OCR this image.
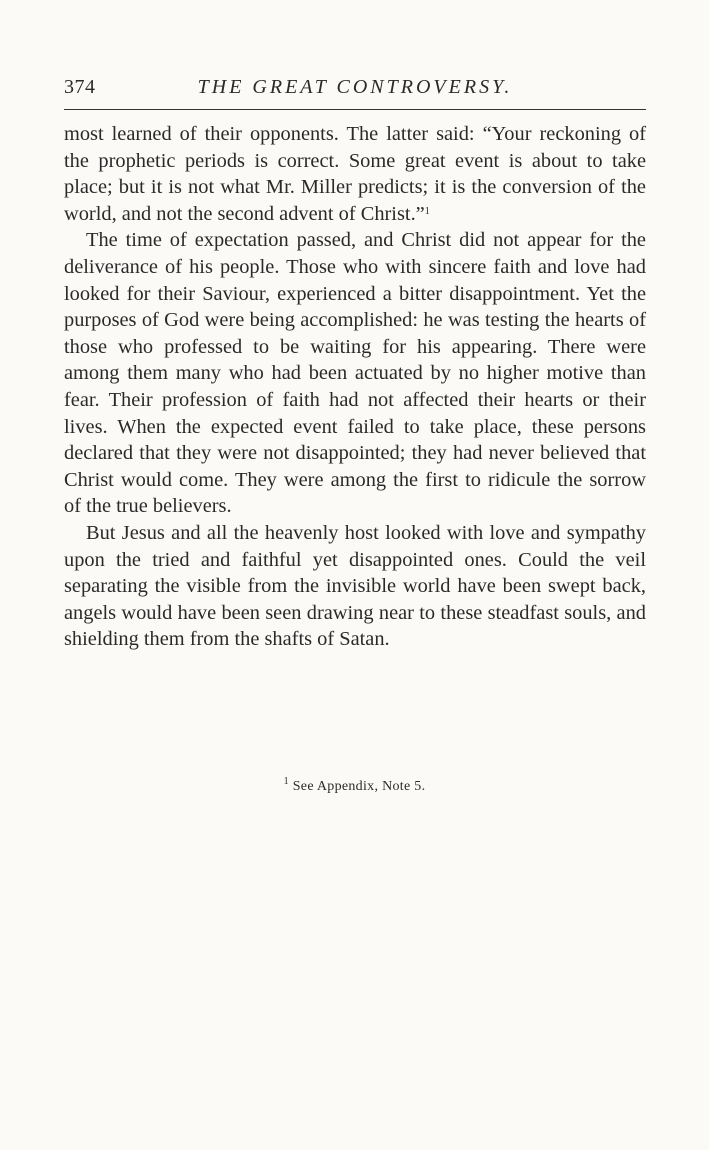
374	THE GREAT CONTROVERSY.

most learned of their opponents. The latter said: “Your reckoning of the prophetic periods is correct. Some great event is about to take place; but it is not what Mr. Miller predicts; it is the conversion of the world, and not the second advent of Christ.”$^1$

The time of expectation passed, and Christ did not appear for the deliverance of his people. Those who with sincere faith and love had looked for their Saviour, experienced a bitter disappointment. Yet the purposes of God were being accomplished: he was testing the hearts of those who professed to be waiting for his appearing. There were among them many who had been actuated by no higher motive than fear. Their profession of faith had not affected their hearts or their lives. When the expected event failed to take place, these persons declared that they were not disappointed; they had never believed that Christ would come. They were among the first to ridicule the sorrow of the true believers.

But Jesus and all the heavenly host looked with love and sympathy upon the tried and faithful yet disappointed ones. Could the veil separating the visible from the invisible world have been swept back, angels would have been seen drawing near to these steadfast souls, and shielding them from the shafts of Satan.

$^1$ See Appendix, Note 5.
